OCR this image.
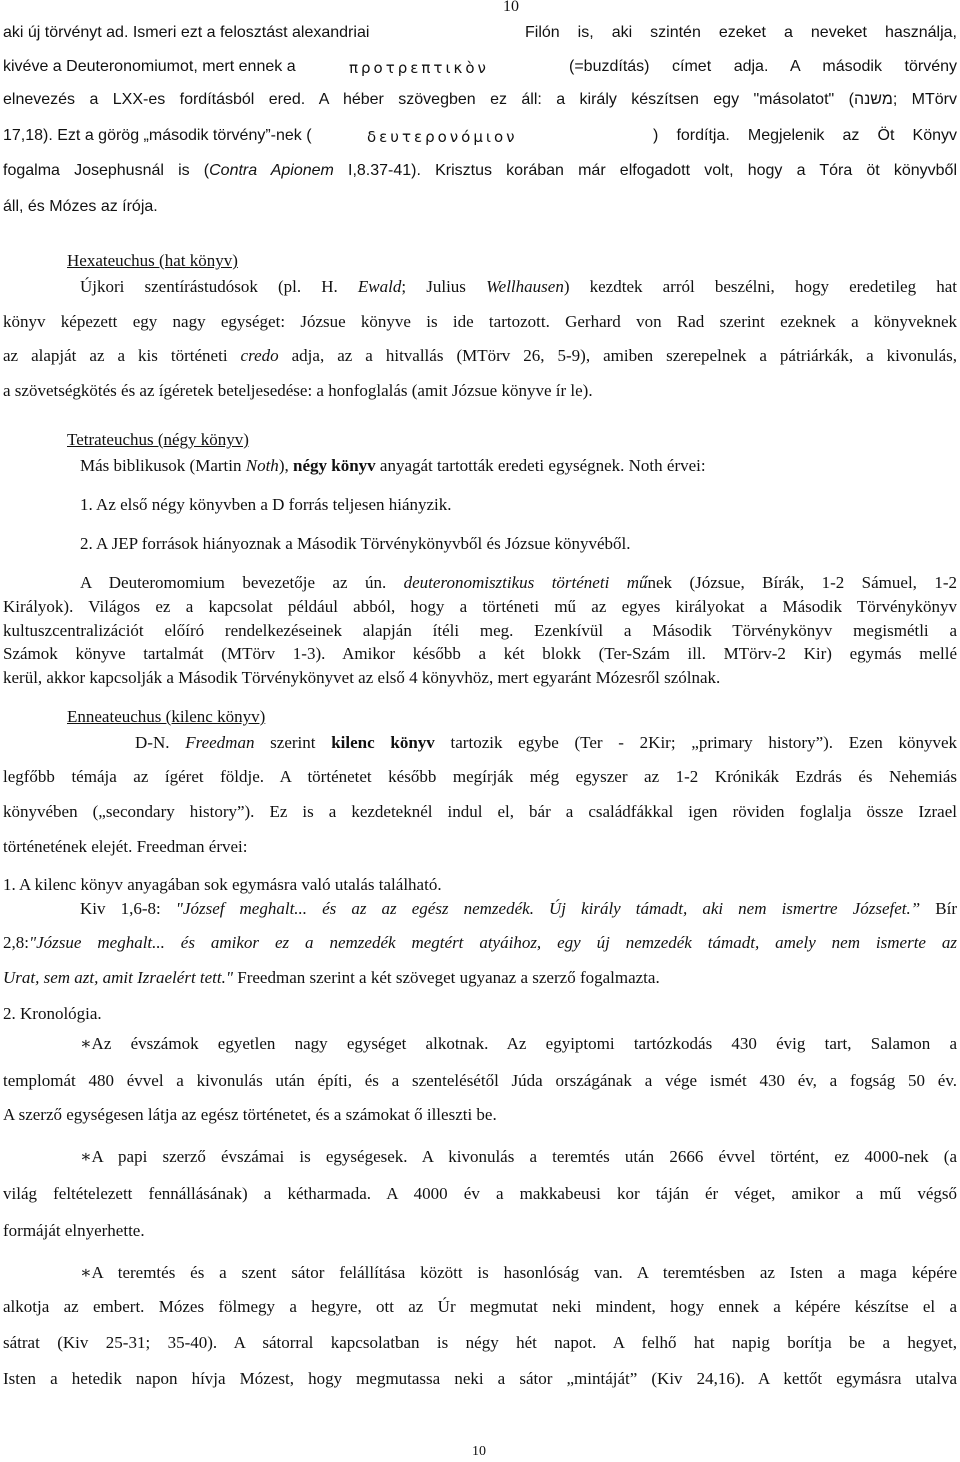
10
aki új törvényt ad. Ismeri ezt a felosztást alexandriai	Filón is, aki szintén ezeket a neveket használja,
kivéve a Deuteronomiumot, mert ennek a	προτρεπτικὸν	(=buzdítás) címet adja. A második törvény
elnevezés a LXX-es fordításból ered. A héber szövegben ez áll: a király készítsen egy "másolatot" (משנה; MTörv
17,18). Ezt a görög „második törvény”-nek (	δευτερονόμιον	) fordítja. Megjelenik az Öt Könyv
fogalma Josephusnál is (Contra Apionem I,8.37-41). Krisztus korában már elfogadott volt, hogy a Tóra öt könyvből
áll, és Mózes az írója.
Hexateuchus (hat könyv)
Újkori szentírástudósok (pl. H. Ewald; Julius Wellhausen) kezdtek arról beszélni, hogy eredetileg hat
könyv képezett egy nagy egységet: Józsue könyve is ide tartozott. Gerhard von Rad szerint ezeknek a könyveknek
az alapját az a kis történeti credo adja, az a hitvallás (MTörv 26, 5-9), amiben szerepelnek a pátriárkák, a kivonulás,
a szövetségkötés és az ígéretek beteljesedése: a honfoglalás (amit Józsue könyve ír le).
Tetrateuchus (négy könyv)
Más biblikusok (Martin Noth), négy könyv anyagát tartották eredeti egységnek. Noth érvei:
1. Az első négy könyvben a D forrás teljesen hiányzik.
2. A JEP források hiányoznak a Második Törvénykönyvből és Józsue könyvéből.
A Deuteromomium bevezetője az ún. deuteronomisztikus történeti műnek (Józsue, Bírák, 1-2 Sámuel, 1-2
Királyok). Világos ez a kapcsolat például abból, hogy a történeti mű az egyes királyokat a Második Törvénykönyv
kultuszcentralizációt előíró rendelkezéseinek alapján ítéli meg. Ezenkívül a Második Törvénykönyv megismétli a
Számok könyve tartalmát (MTörv 1-3). Amikor később a két blokk (Ter-Szám ill. MTörv-2 Kir) egymás mellé
kerül, akkor kapcsolják a Második Törvénykönyvet az első 4 könyvhöz, mert egyaránt Mózesről szólnak.
Enneateuchus (kilenc könyv)
D-N. Freedman szerint kilenc könyv tartozik egybe (Ter - 2Kir; „primary history”). Ezen könyvek
legfőbb témája az ígéret földje. A történetet később megírják még egyszer az 1-2 Krónikák Ezdrás és Nehemiás
könyvében („secondary history”). Ez is a kezdeteknél indul el, bár a családfákkal igen röviden foglalja össze Izrael
történetének elejét. Freedman érvei:
1. A kilenc könyv anyagában sok egymásra való utalás található.
Kiv 1,6-8: "József meghalt... és az az egész nemzedék. Új király támadt, aki nem ismertre Józsefet.” Bír
2,8:"Józsue meghalt... és amikor ez a nemzedék megtért atyáihoz, egy új nemzedék támadt, amely nem ismerte az
Urat, sem azt, amit Izraelért tett." Freedman szerint a két szöveget ugyanaz a szerző fogalmazta.
2. Kronológia.
∗Az évszámok egyetlen nagy egységet alkotnak. Az egyiptomi tartózkodás 430 évig tart, Salamon a
templomát 480 évvel a kivonulás után építi, és a szentelésétől Júda országának a vége ismét 430 év, a fogság 50 év.
A szerző egységesen látja az egész történetet, és a számokat ő illeszti be.
∗A papi szerző évszámai is egységesek. A kivonulás a teremtés után 2666 évvel történt, ez 4000-nek (a
világ feltételezett fennállásának) a kétharmada. A 4000 év a makkabeusi kor táján ér véget, amikor a mű végső
formáját elnyerhette.
∗A teremtés és a szent sátor felállítása között is hasonlóság van. A teremtésben az Isten a maga képére
alkotja az embert. Mózes fölmegy a hegyre, ott az Úr megmutat neki mindent, hogy ennek a képére készítse el a
sátrat (Kiv 25-31; 35-40). A sátorral kapcsolatban is négy hét napot. A felhő hat napig borítja be a hegyet,
Isten a hetedik napon hívja Mózest, hogy megmutassa neki a sátor „mintáját” (Kiv 24,16). A kettőt egymásra utalva
10
